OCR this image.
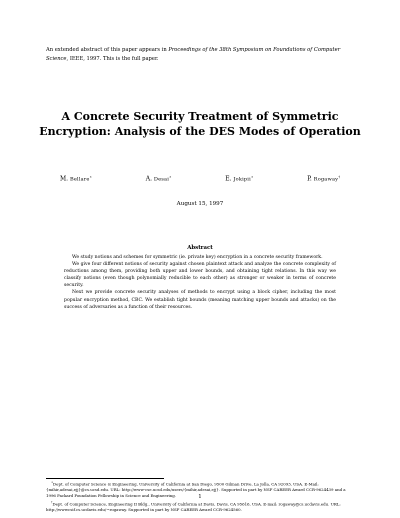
An extended abstract of this paper appears in Proceedings of the 38th Symposium on Foundations of Computer Science, IEEE, 1997. This is the full paper.
A Concrete Security Treatment of Symmetric
Encryption: Analysis of the DES Modes of Operation
M. Bellare∗	A. Desai∗	E. Jokipii∗	P. Rogaway†
August 15, 1997
Abstract

We study notions and schemes for symmetric (ie. private key) encryption in a concrete security framework.

We give four different notions of security against chosen plaintext attack and analyze the concrete complexity of reductions among them, providing both upper and lower bounds, and obtaining tight relations. In this way we classify notions (even though polynomially reducible to each other) as stronger or weaker in terms of concrete security.

Next we provide concrete security analyses of methods to encrypt using a block cipher, including the most popular encryption method, CBC. We establish tight bounds (meaning matching upper bounds and attacks) on the success of adversaries as a function of their resources.

∗Dept. of Computer Science & Engineering, University of California at San Diego, 9500 Gilman Drive, La Jolla, CA 92093, USA. E-Mail: {mihir,adesai,ejj}@cs.ucsd.edu. URL: http://www-cse.ucsd.edu/users/{mihir,adesai,ejj}. Supported in part by NSF CAREER Award CCR-9624439 and a 1996 Packard Foundation Fellowship in Science and Engineering.

†Dept. of Computer Science, Engineering II Bldg., University of California at Davis, Davis, CA 95616, USA. E-mail: rogaway@cs.ucdavis.edu. URL: http://wwwcsif.cs.ucdavis.edu/~rogaway. Supported in part by NSF CAREER Award CCR-9624560.

1
